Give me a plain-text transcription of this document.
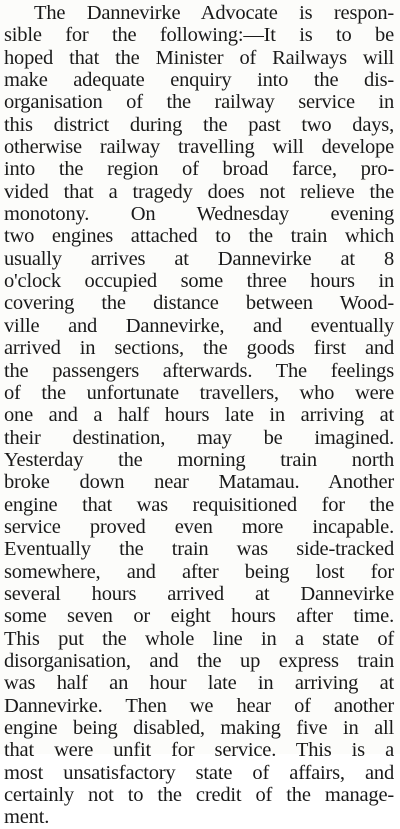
The Dannevirke Advocate is respon-
sible for the following:—It is to be
hoped that the Minister of Railways will
make adequate enquiry into the dis-
organisation of the railway service in
this district during the past two days,
otherwise railway travelling will develope
into the region of broad farce, pro-
vided that a tragedy does not relieve the
monotony. On Wednesday evening
two engines attached to the train which
usually arrives at Dannevirke at 8
o'clock occupied some three hours in
covering the distance between Wood-
ville and Dannevirke, and eventually
arrived in sections, the goods first and
the passengers afterwards. The feelings
of the unfortunate travellers, who were
one and a half hours late in arriving at
their destination, may be imagined.
Yesterday the morning train north
broke down near Matamau. Another
engine that was requisitioned for the
service proved even more incapable.
Eventually the train was side-tracked
somewhere, and after being lost for
several hours arrived at Dannevirke
some seven or eight hours after time.
This put the whole line in a state of
disorganisation, and the up express train
was half an hour late in arriving at
Dannevirke. Then we hear of another
engine being disabled, making five in all
that were unfit for service. This is a
most unsatisfactory state of affairs, and
certainly not to the credit of the manage-
ment.
